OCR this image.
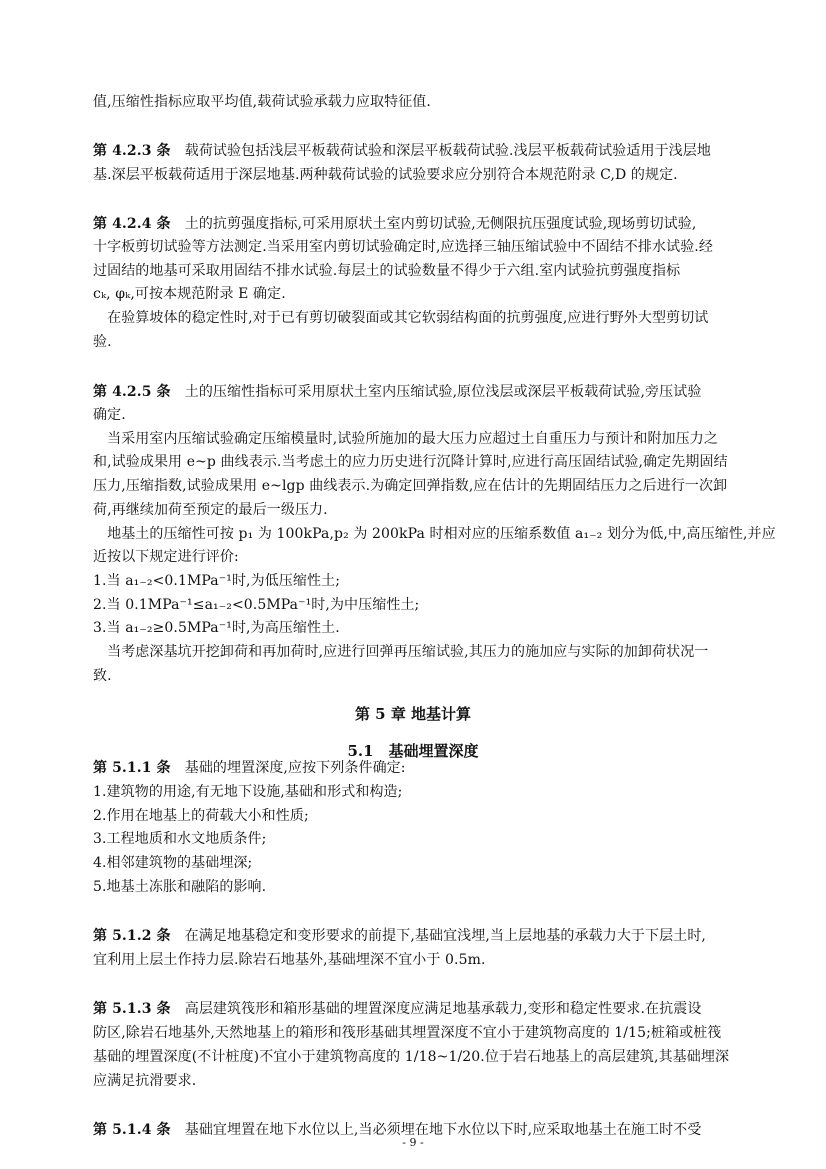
值,压缩性指标应取平均值,载荷试验承载力应取特征值.
第 4.2.3 条　载荷试验包括浅层平板载荷试验和深层平板载荷试验.浅层平板载荷试验适用于浅层地
基.深层平板载荷适用于深层地基.两种载荷试验的试验要求应分别符合本规范附录 C,D 的规定.
第 4.2.4 条　土的抗剪强度指标,可采用原状土室内剪切试验,无侧限抗压强度试验,现场剪切试验,
十字板剪切试验等方法测定.当采用室内剪切试验确定时,应选择三轴压缩试验中不固结不排水试验.经
过固结的地基可采取用固结不排水试验.每层土的试验数量不得少于六组.室内试验抗剪强度指标
cₖ, φₖ,可按本规范附录 E 确定.
　在验算坡体的稳定性时,对于已有剪切破裂面或其它软弱结构面的抗剪强度,应进行野外大型剪切试
验.
第 4.2.5 条　土的压缩性指标可采用原状土室内压缩试验,原位浅层或深层平板载荷试验,旁压试验
确定.
　当采用室内压缩试验确定压缩模量时,试验所施加的最大压力应超过土自重压力与预计和附加压力之
和,试验成果用 e~p 曲线表示.当考虑土的应力历史进行沉降计算时,应进行高压固结试验,确定先期固结
压力,压缩指数,试验成果用 e~lgp 曲线表示.为确定回弹指数,应在估计的先期固结压力之后进行一次卸
荷,再继续加荷至预定的最后一级压力.
　地基土的压缩性可按 p₁ 为 100kPa,p₂ 为 200kPa 时相对应的压缩系数值 a₁₋₂ 划分为低,中,高压缩性,并应
近按以下规定进行评价:
1.当 a₁₋₂<0.1MPa⁻¹时,为低压缩性土;
2.当 0.1MPa⁻¹≤a₁₋₂<0.5MPa⁻¹时,为中压缩性土;
3.当 a₁₋₂≥0.5MPa⁻¹时,为高压缩性土.
　当考虑深基坑开挖卸荷和再加荷时,应进行回弹再压缩试验,其压力的施加应与实际的加卸荷状况一
致.
第 5.1.1 条　基础的埋置深度,应按下列条件确定:
1.建筑物的用途,有无地下设施,基础和形式和构造;
2.作用在地基上的荷载大小和性质;
3.工程地质和水文地质条件;
4.相邻建筑物的基础埋深;
5.地基土冻胀和融陷的影响.
第 5.1.2 条　在满足地基稳定和变形要求的前提下,基础宜浅埋,当上层地基的承载力大于下层土时,
宜利用上层土作持力层.除岩石地基外,基础埋深不宜小于 0.5m.
第 5.1.3 条　高层建筑筏形和箱形基础的埋置深度应满足地基承载力,变形和稳定性要求.在抗震设
防区,除岩石地基外,天然地基上的箱形和筏形基础其埋置深度不宜小于建筑物高度的 1/15;桩箱或桩筏
基础的埋置深度(不计桩度)不宜小于建筑物高度的 1/18~1/20.位于岩石地基上的高层建筑,其基础埋深
应满足抗滑要求.
第 5.1.4 条　基础宜埋置在地下水位以上,当必须埋在地下水位以下时,应采取地基土在施工时不受
第 5 章 地基计算
5.1　基础埋置深度
- 9 -
